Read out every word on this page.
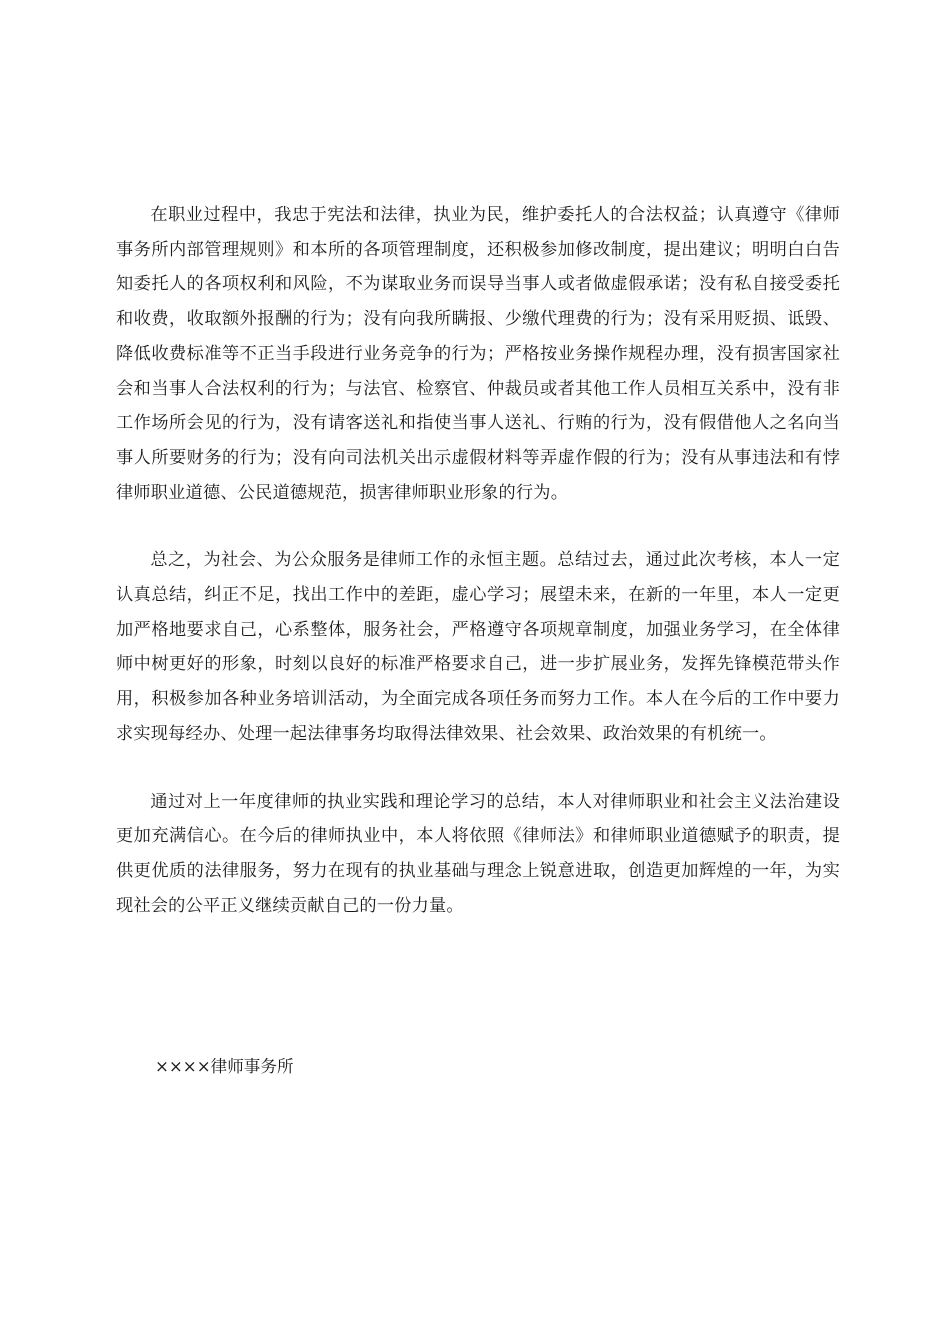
在职业过程中，我忠于宪法和法律，执业为民，维护委托人的合法权益；认真遵守《律师事务所内部管理规则》和本所的各项管理制度，还积极参加修改制度，提出建议；明明白白告知委托人的各项权利和风险，不为谋取业务而误导当事人或者做虚假承诺；没有私自接受委托和收费，收取额外报酬的行为；没有向我所瞒报、少缴代理费的行为；没有采用贬损、诋毁、降低收费标准等不正当手段进行业务竞争的行为；严格按业务操作规程办理，没有损害国家社会和当事人合法权利的行为；与法官、检察官、仲裁员或者其他工作人员相互关系中，没有非工作场所会见的行为，没有请客送礼和指使当事人送礼、行贿的行为，没有假借他人之名向当事人所要财务的行为；没有向司法机关出示虚假材料等弄虚作假的行为；没有从事违法和有悖律师职业道德、公民道德规范，损害律师职业形象的行为。

总之，为社会、为公众服务是律师工作的永恒主题。总结过去，通过此次考核，本人一定认真总结，纠正不足，找出工作中的差距，虚心学习；展望未来，在新的一年里，本人一定更加严格地要求自己，心系整体，服务社会，严格遵守各项规章制度，加强业务学习，在全体律师中树更好的形象，时刻以良好的标准严格要求自己，进一步扩展业务，发挥先锋模范带头作用，积极参加各种业务培训活动，为全面完成各项任务而努力工作。本人在今后的工作中要力求实现每经办、处理一起法律事务均取得法律效果、社会效果、政治效果的有机统一。

通过对上一年度律师的执业实践和理论学习的总结，本人对律师职业和社会主义法治建设更加充满信心。在今后的律师执业中，本人将依照《律师法》和律师职业道德赋予的职责，提供更优质的法律服务，努力在现有的执业基础与理念上锐意进取，创造更加辉煌的一年，为实现社会的公平正义继续贡献自己的一份力量。

××××律师事务所
